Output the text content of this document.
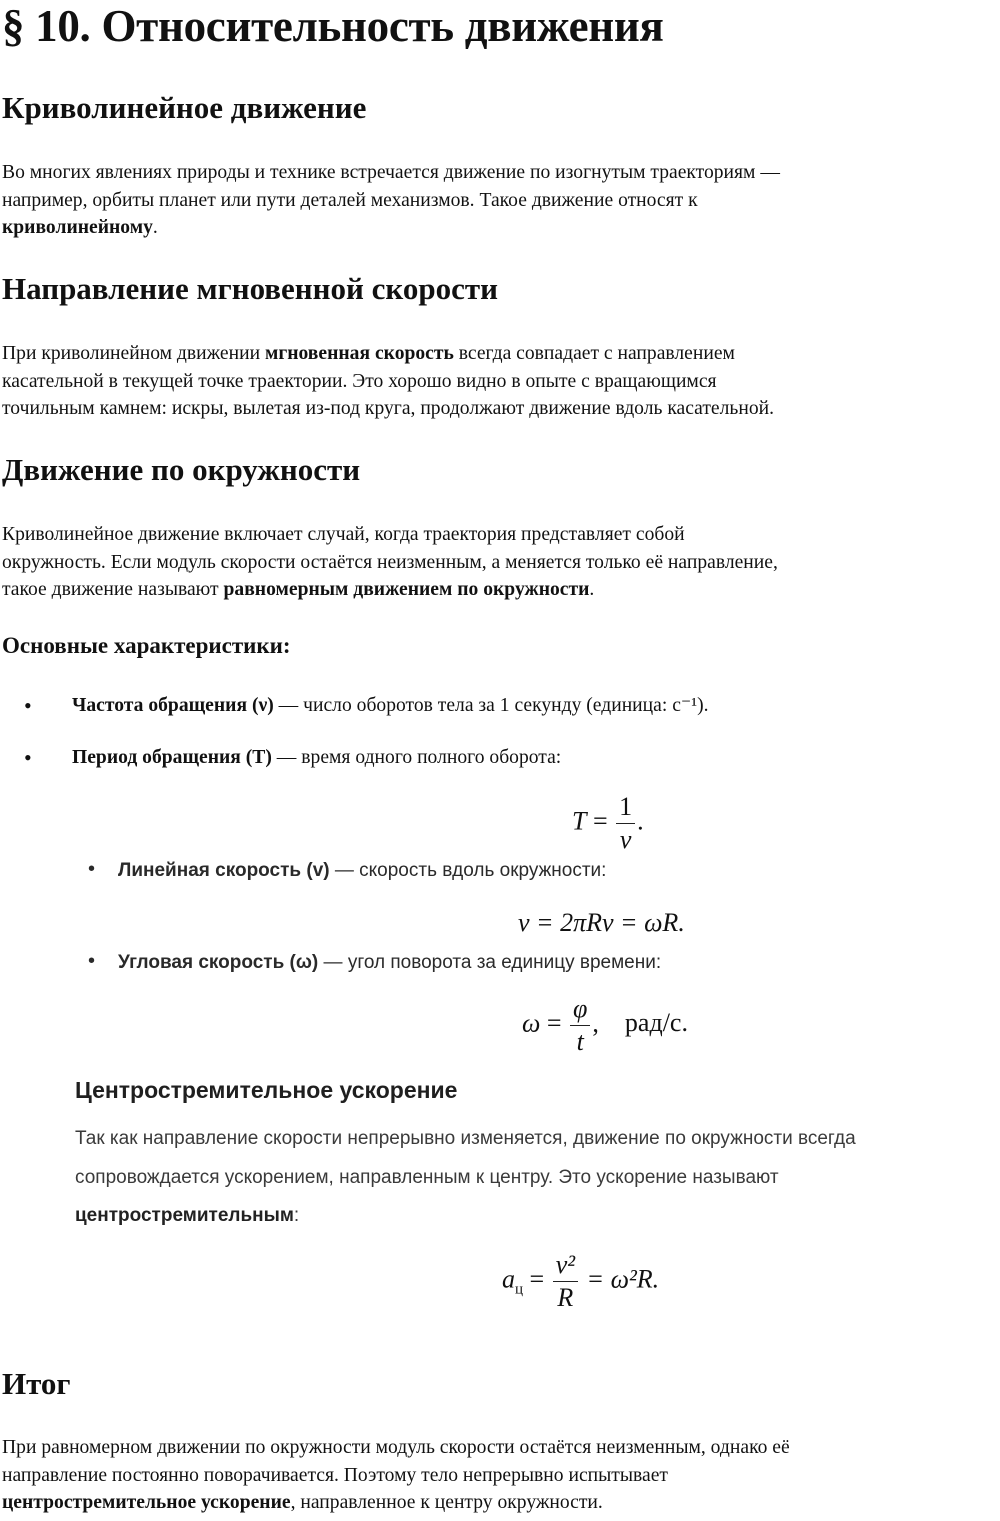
§ 10. Относительность движения
Криволинейное движение
Во многих явлениях природы и технике встречается движение по изогнутым траекториям —
например, орбиты планет или пути деталей механизмов. Такое движение относят к
криволинейному.
Направление мгновенной скорости
При криволинейном движении мгновенная скорость всегда совпадает с направлением
касательной в текущей точке траектории. Это хорошо видно в опыте с вращающимся
точильным камнем: искры, вылетая из-под круга, продолжают движение вдоль касательной.
Движение по окружности
Криволинейное движение включает случай, когда траектория представляет собой
окружность. Если модуль скорости остаётся неизменным, а меняется только её направление,
такое движение называют равномерным движением по окружности.
Основные характеристики:
• Частота обращения (ν) — число оборотов тела за 1 секунду (единица: с⁻¹).
• Период обращения (T) — время одного полного оборота:
$T = \frac{1}{\nu}$ .
• Линейная скорость (v) — скорость вдоль окружности:
v = 2πRν = ωR.
• Угловая скорость (ω) — угол поворота за единицу времени:
$\omega = \frac{\varphi}{t}$ , рад/с.
Центростремительное ускорение
Так как направление скорости непрерывно изменяется, движение по окружности всегда
сопровождается ускорением, направленным к центру. Это ускорение называют
центростремительным:
$a_ц = \frac{\text{v²}}{R} = \omega^2R$.
Итог
При равномерном движении по окружности модуль скорости остаётся неизменным, однако её
направление постоянно поворачивается. Поэтому тело непрерывно испытывает
центростремительное ускорение, направленное к центру окружности.
